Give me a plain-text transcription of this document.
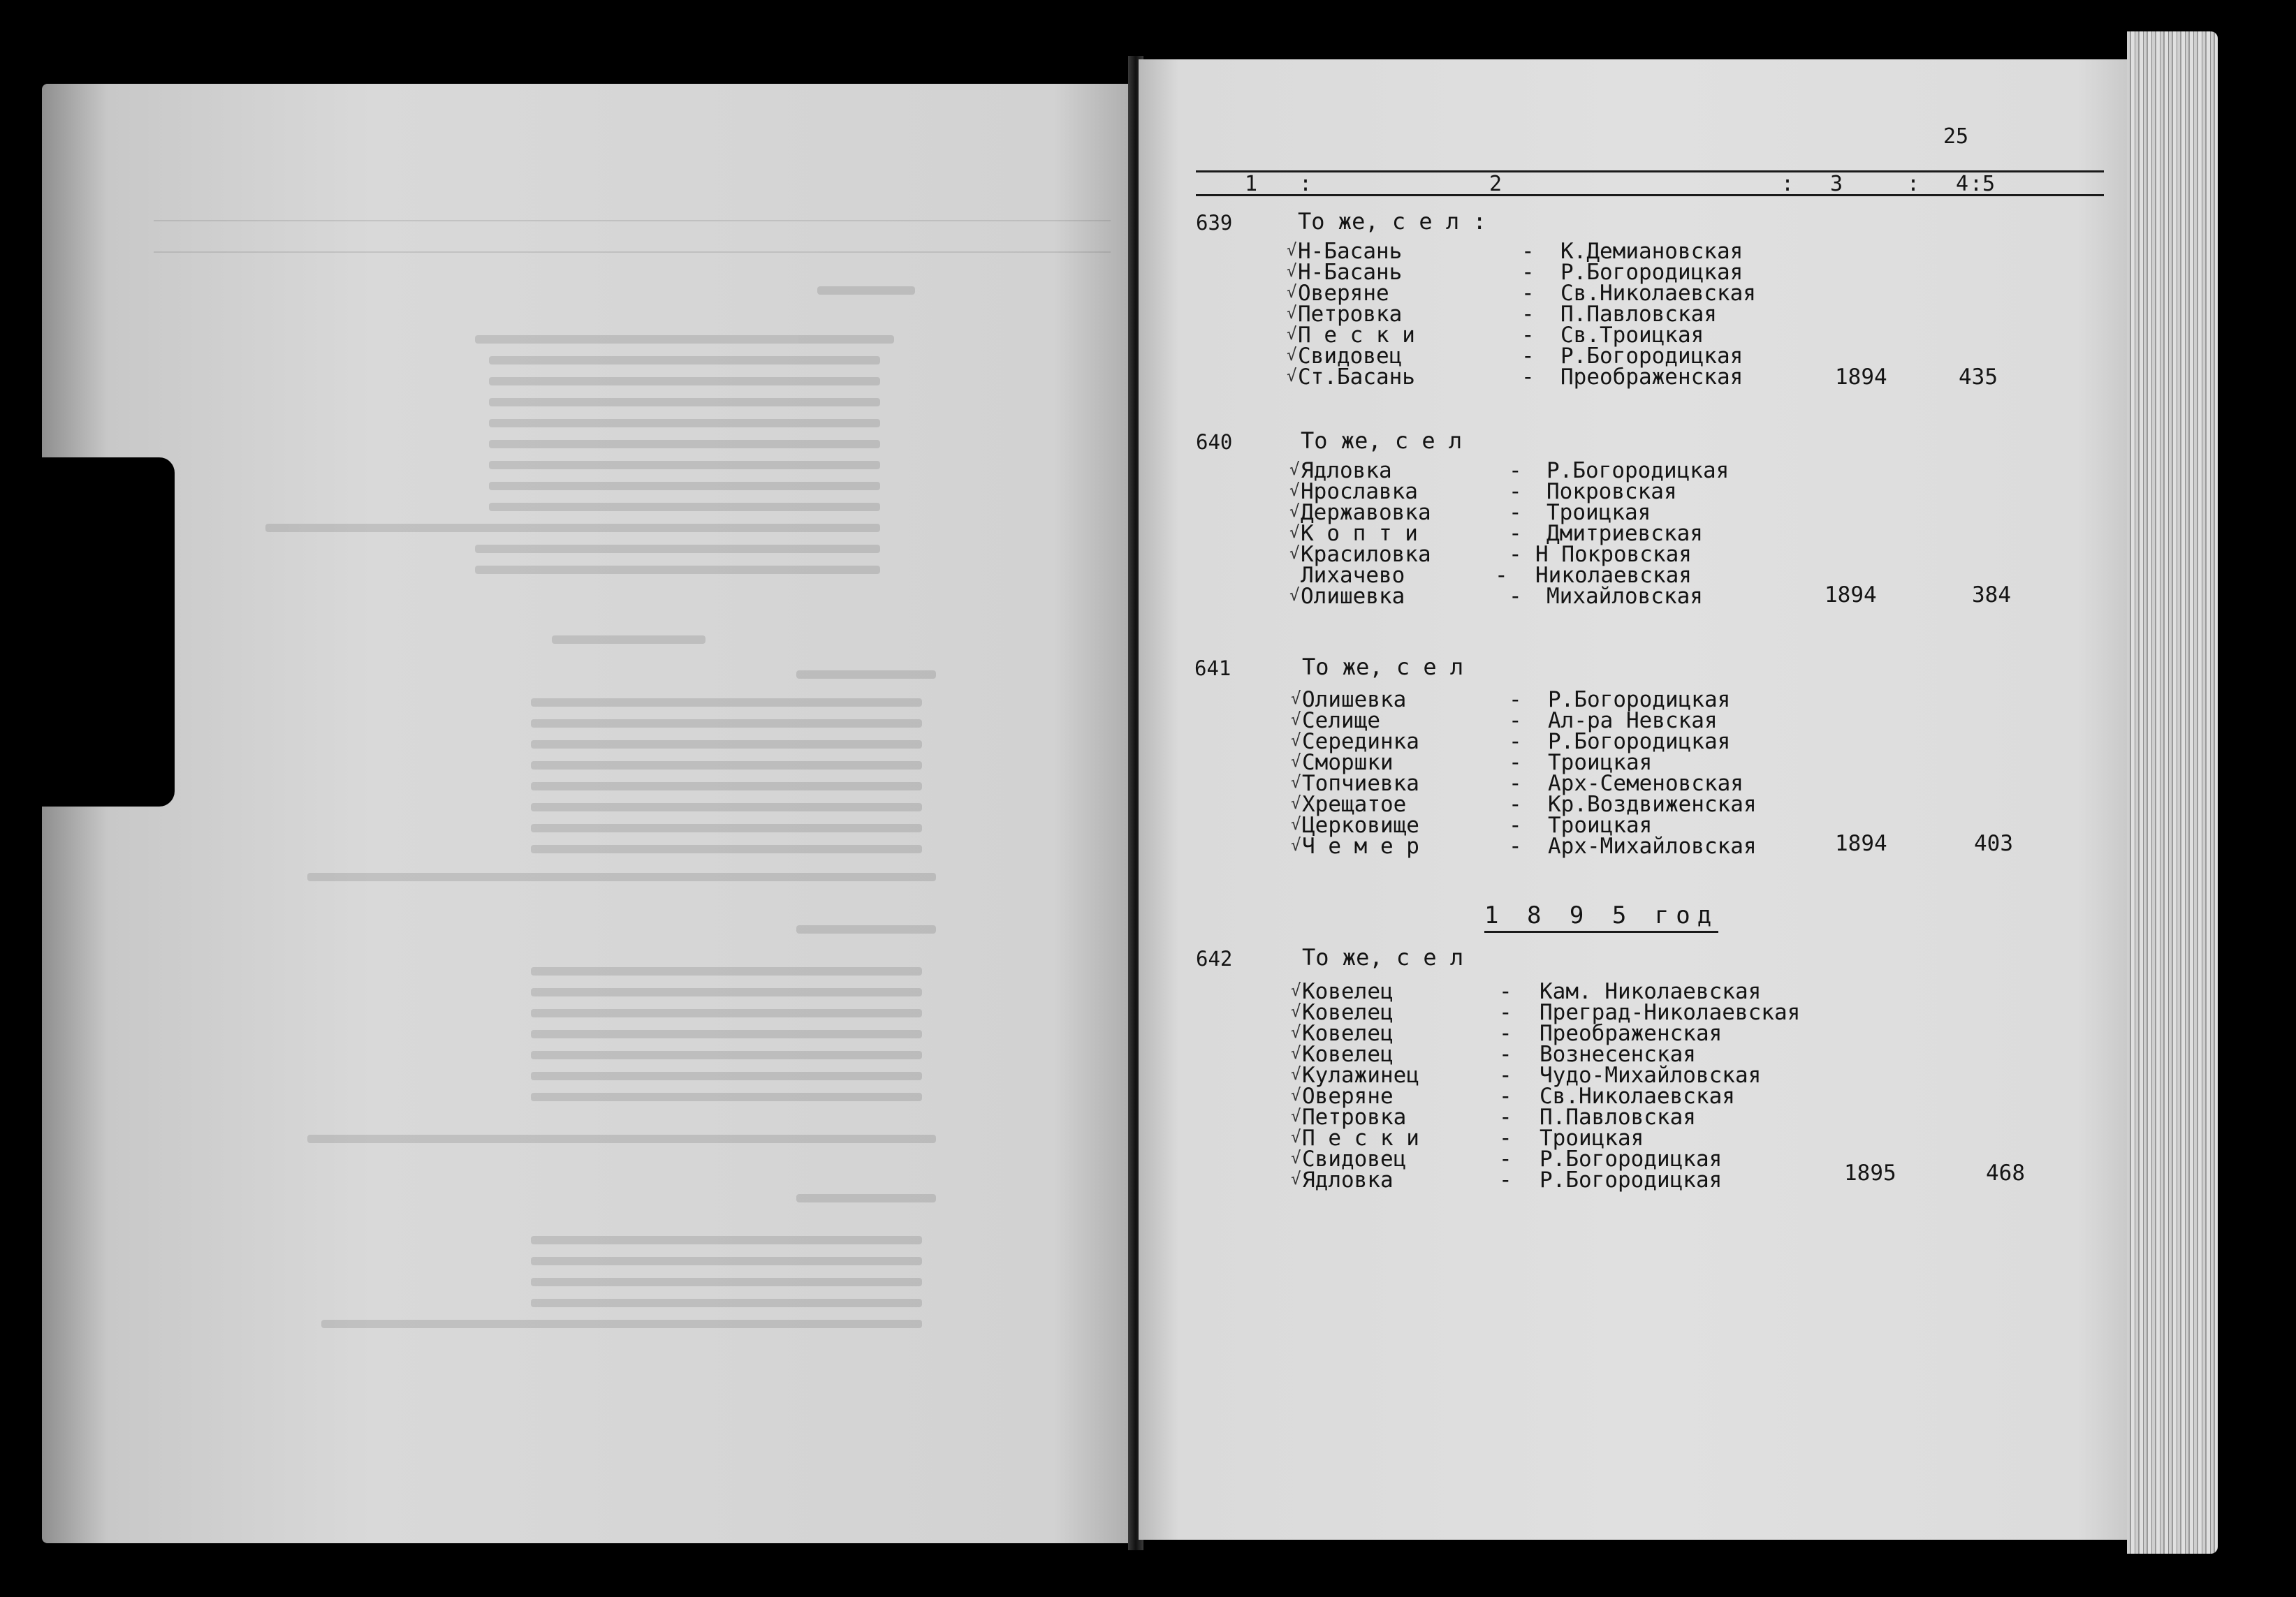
25
1 :	2	: 3	: 4 : 5
639	То же, с е л :
√ Н-Басань	- К.Демиановская
√ Н-Басань	- Р.Богородицкая
√ Оверяне	- Св.Николаевская
√ Петровка	- П.Павловская
√ П е с к и	- Св.Троицкая
√ Свидовец	- Р.Богородицкая
√ Ст.Басань	- Преображенская	1894	435
640	То же, с е л
√ Ядловка	- Р.Богородицкая
√ Нрославка	- Покровская
√ Державовка	- Троицкая
√ К о п т и	- Дмитриевская
√ Красиловка	- Н Покровская
Лихачево	- Николаевская
√ Олишевка	- Михайловская	1894	384
641	То же, с е л
√ Олишевка	- Р.Богородицкая
√ Селище	- Ал-ра Невская
√ Серединка	- Р.Богородицкая
√ Сморшки	- Троицкая
√ Топчиевка	- Арх-Семеновская
√ Хрещатое	- Кр.Воздвиженская
√ Церковище	- Троицкая
√ Ч е м е р	- Арх-Михайловская	1894	403
1 8 9 5 год
642	То же, с е л
√ Ковелец	- Кам. Николаевская
√ Ковелец	- Преград-Николаевская
√ Ковелец	- Преображенская
√ Ковелец	- Вознесенская
√ Кулажинец	- Чудо-Михайловская
√ Оверяне	- Св.Николаевская
√ Петровка	- П.Павловская
√ П е с к и	- Троицкая
√ Свидовец	- Р.Богородицкая
√ Ядловка	- Р.Богородицкая	1895	468
